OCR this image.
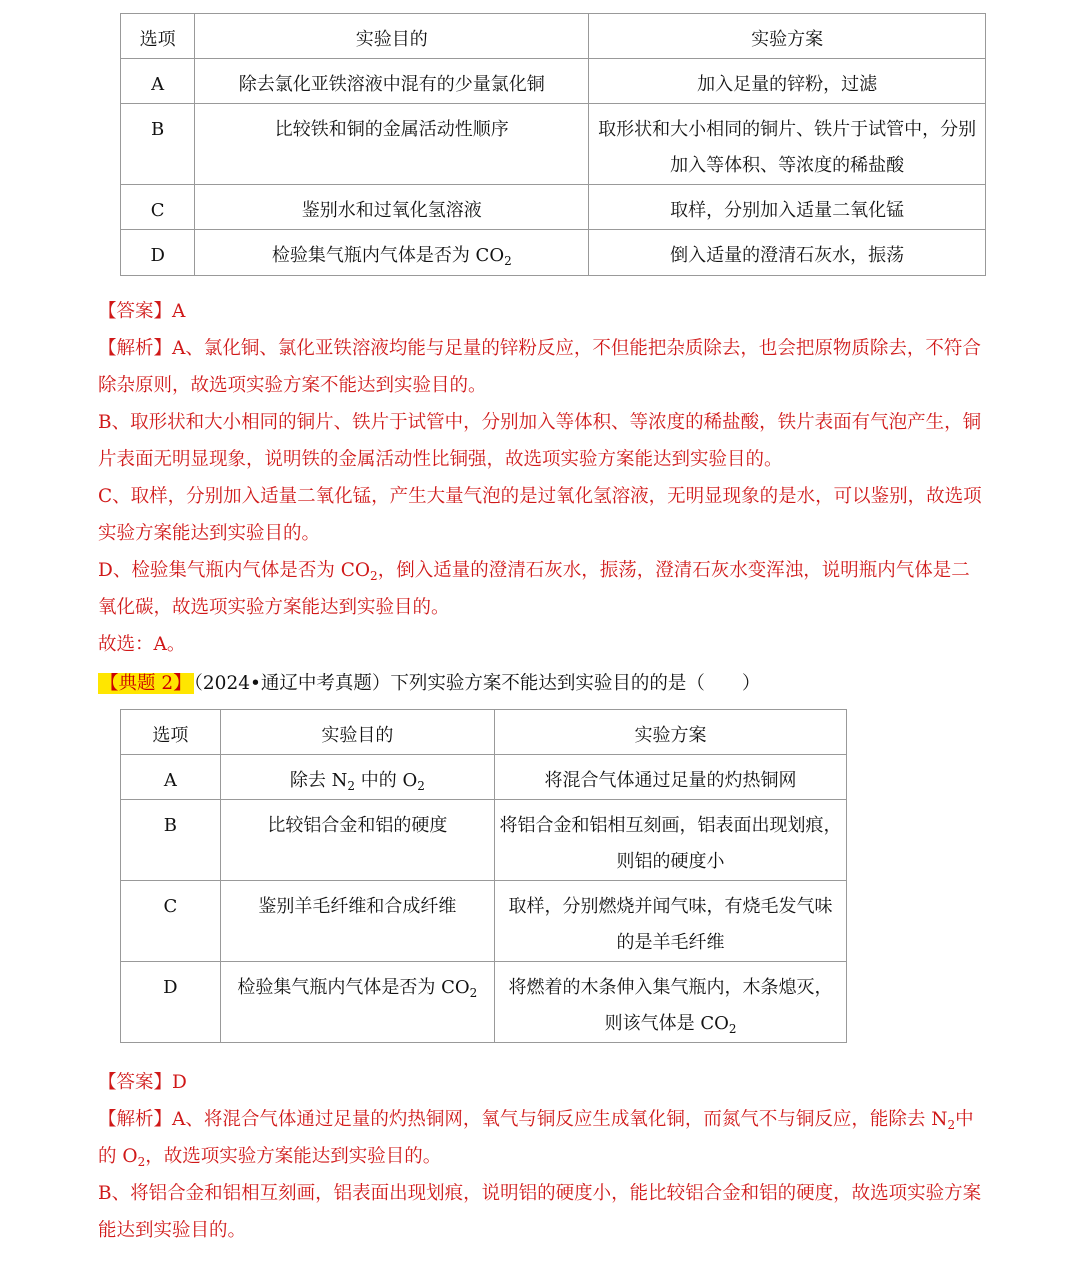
选项	实验目的	实验方案
A	除去氯化亚铁溶液中混有的少量氯化铜	加入足量的锌粉，过滤
B	比较铁和铜的金属活动性顺序	取形状和大小相同的铜片、铁片于试管中，分别
加入等体积、等浓度的稀盐酸
C	鉴别水和过氧化氢溶液	取样，分别加入适量二氧化锰
D	检验集气瓶内气体是否为 $CO_2$	倒入适量的澄清石灰水，振荡

【答案】A

【解析】A、氯化铜、氯化亚铁溶液均能与足量的锌粉反应，不但能把杂质除去，也会把原物质除去，不符合除杂原则，故选项实验方案不能达到实验目的。

B、取形状和大小相同的铜片、铁片于试管中，分别加入等体积、等浓度的稀盐酸，铁片表面有气泡产生，铜片表面无明显现象，说明铁的金属活动性比铜强，故选项实验方案能达到实验目的。

C、取样，分别加入适量二氧化锰，产生大量气泡的是过氧化氢溶液，无明显现象的是水，可以鉴别，故选项实验方案能达到实验目的。

D、检验集气瓶内气体是否为 $CO_2$，倒入适量的澄清石灰水，振荡，澄清石灰水变浑浊，说明瓶内气体是二氧化碳，故选项实验方案能达到实验目的。

故选：A。

【典题 2】 （2024•通辽中考真题）下列实验方案不能达到实验目的的是（　　）
选项	实验目的	实验方案
A	除去 $N_2$ 中的 $O_2$	将混合气体通过足量的灼热铜网
B	比较铝合金和铝的硬度	将铝合金和铝相互刻画，铝表面出现划痕，
则铝的硬度小
C	鉴别羊毛纤维和合成纤维	取样，分别燃烧并闻气味，有烧毛发气味
的是羊毛纤维
D	检验集气瓶内气体是否为 $CO_2$	将燃着的木条伸入集气瓶内，木条熄灭，
则该气体是 $CO_2$

【答案】D

【解析】A、将混合气体通过足量的灼热铜网，氧气与铜反应生成氧化铜，而氮气不与铜反应，能除去 $N_2$中的 $O_2$，故选项实验方案能达到实验目的。

B、将铝合金和铝相互刻画，铝表面出现划痕，说明铝的硬度小，能比较铝合金和铝的硬度，故选项实验方案能达到实验目的。
